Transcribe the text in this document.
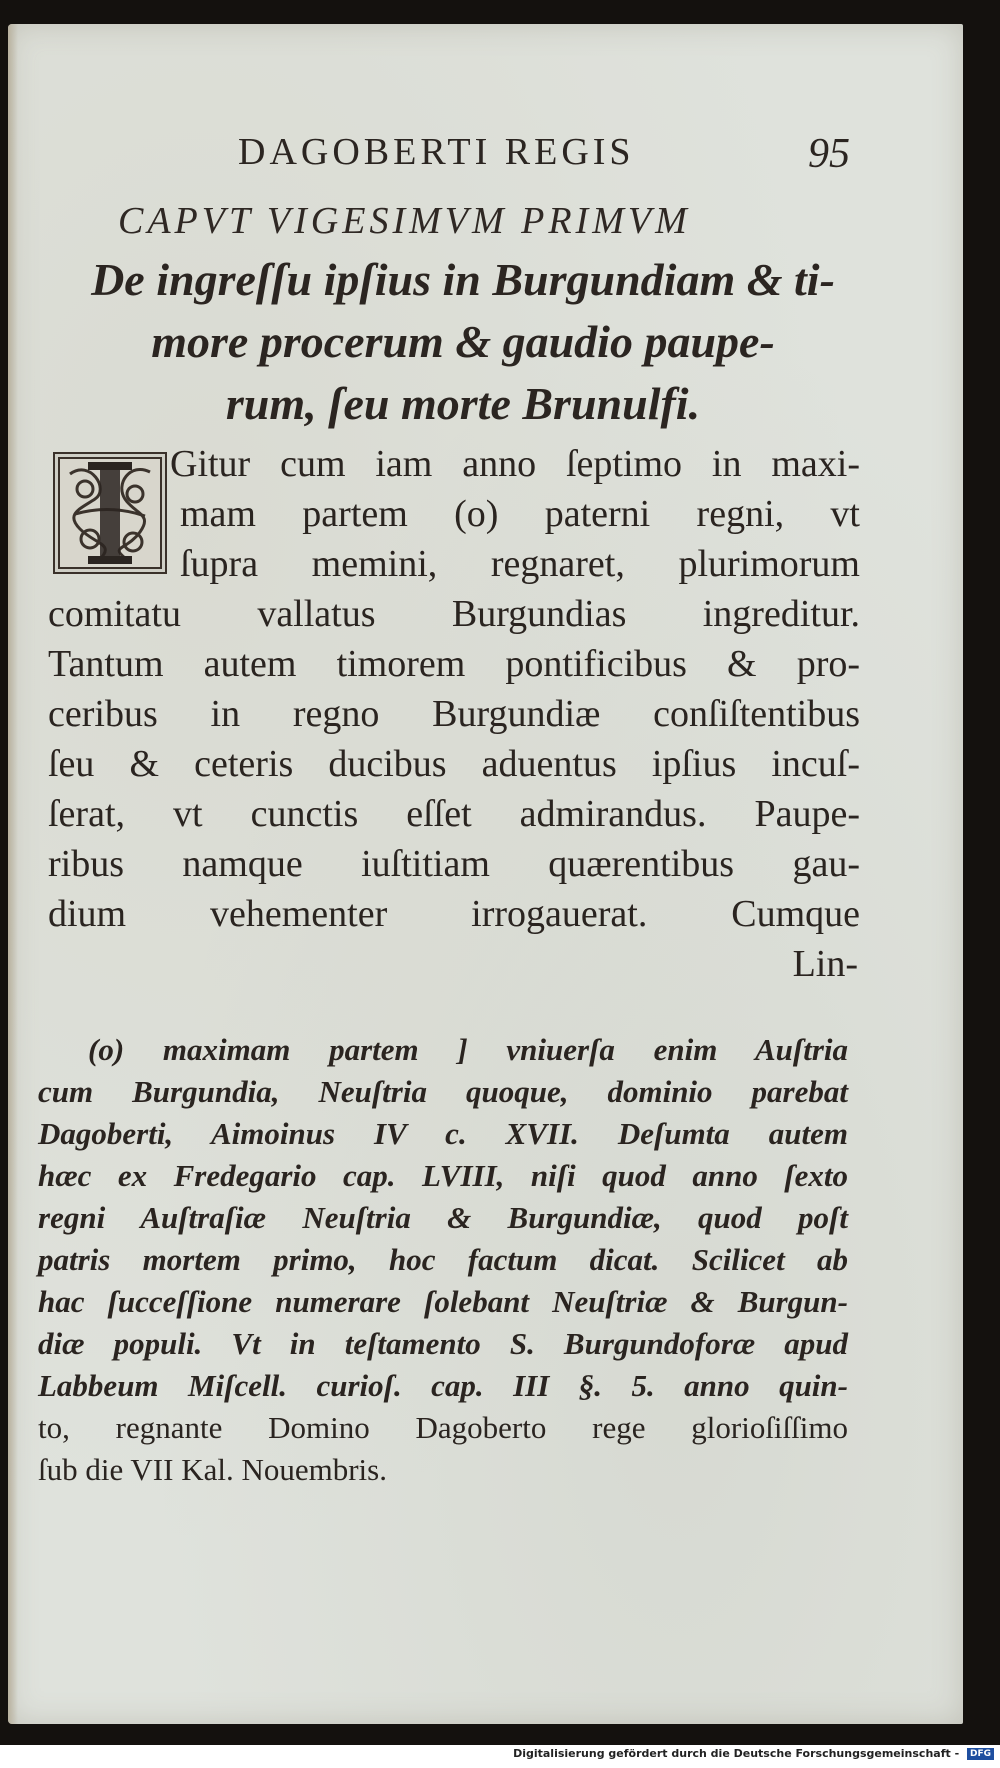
DAGOBERTI REGIS	95
CAPVT VIGESIMVM PRIMVM
De ingreſſu ipſius in Burgundiam & ti-
more procerum & gaudio paupe-
rum, ſeu morte Brunulfi.
Gitur cum iam anno ſeptimo in maxi-
mam partem (o) paterni regni, vt
ſupra memini, regnaret, plurimorum
comitatu vallatus Burgundias ingreditur.
Tantum autem timorem pontificibus & pro-
ceribus in regno Burgundiæ conſiſtentibus
ſeu & ceteris ducibus aduentus ipſius incuſ-
ſerat, vt cunctis eſſet admirandus. Paupe-
ribus namque iuſtitiam quærentibus gau-
dium vehementer irrogauerat. Cumque
Lin-
(o) maximam partem ] vniuerſa enim Auſtria
cum Burgundia, Neuſtria quoque, dominio parebat
Dagoberti, Aimoinus IV c. XVII. Deſumta autem
hæc ex Fredegario cap. LVIII, niſi quod anno ſexto
regni Auſtraſiæ Neuſtria & Burgundiæ, quod poſt
patris mortem primo, hoc factum dicat. Scilicet ab
hac ſucceſſione numerare ſolebant Neuſtriæ & Burgun-
diæ populi. Vt in teſtamento S. Burgundoforæ apud
Labbeum Miſcell. curioſ. cap. III §. 5. anno quin-
to, regnante Domino Dagoberto rege glorioſiſſimo
ſub die VII Kal. Nouembris.
Digitalisierung gefördert durch die Deutsche Forschungsgemeinschaft - DFG
